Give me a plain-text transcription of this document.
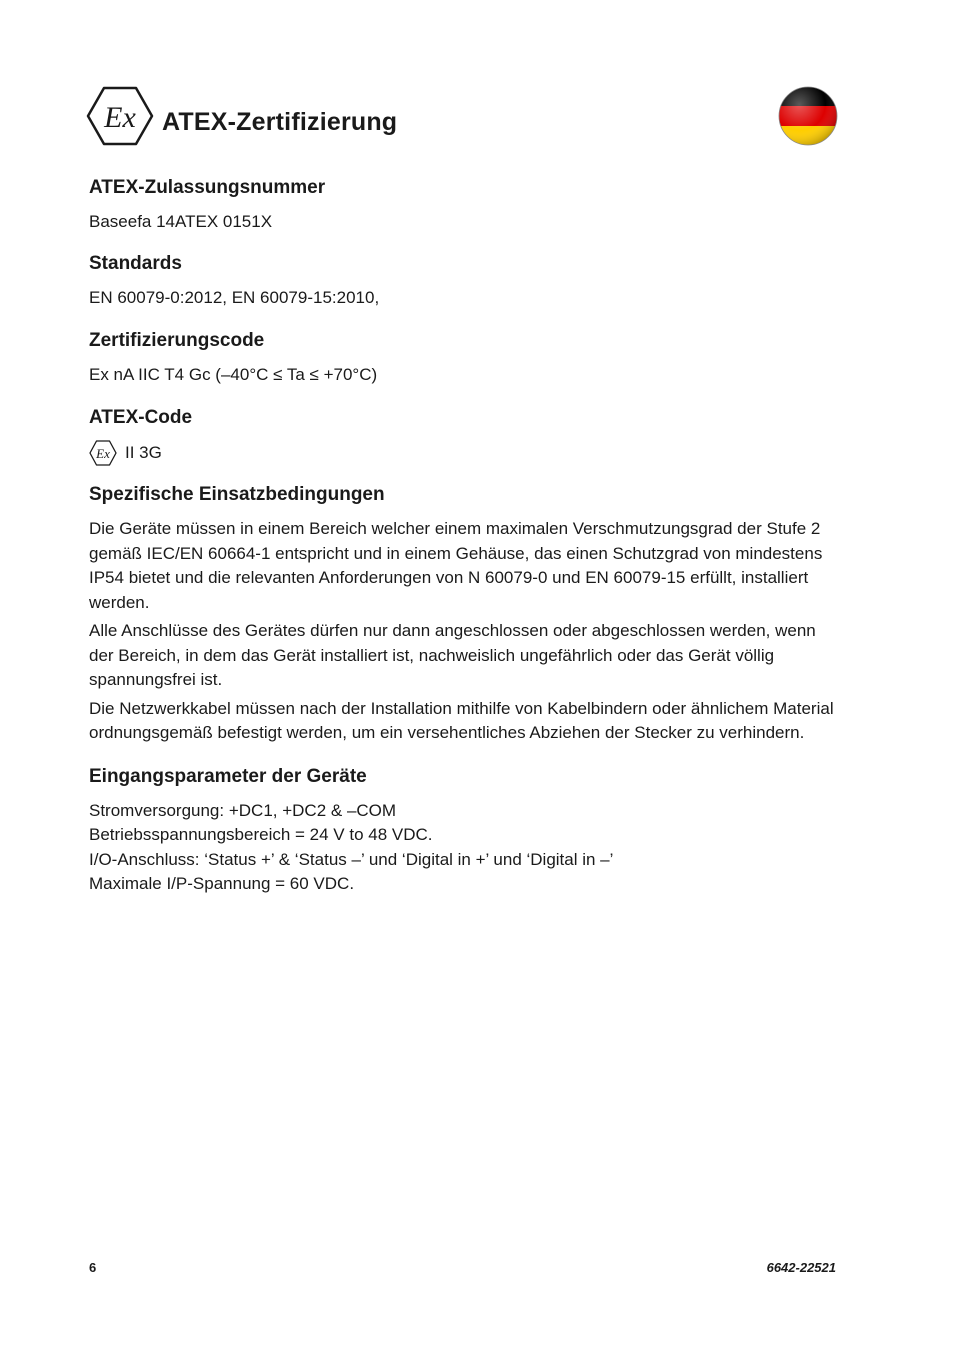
Ex ATEX-Zertifizierung
ATEX-Zulassungsnummer

Baseefa 14ATEX 0151X

Standards

EN 60079-0:2012, EN 60079-15:2010,

Zertifizierungscode

Ex nA IIC T4 Gc (–40°C ≤ Ta ≤ +70°C)

ATEX-Code
Ex II 3G
Spezifische Einsatzbedingungen

Die Geräte müssen in einem Bereich welcher einem maximalen Verschmutzungsgrad der Stufe 2 gemäß IEC/EN 60664-1 entspricht und in einem Gehäuse, das einen Schutzgrad von mindestens IP54 bietet und die relevanten Anforderungen von N 60079-0 und EN 60079-15 erfüllt, installiert werden.

Alle Anschlüsse des Gerätes dürfen nur dann angeschlossen oder abgeschlossen werden, wenn der Bereich, in dem das Gerät installiert ist, nachweislich ungefährlich oder das Gerät völlig spannungsfrei ist.

Die Netzwerkkabel müssen nach der Installation mithilfe von Kabelbindern oder ähnlichem Material ordnungsgemäß befestigt werden, um ein versehentliches Abziehen der Stecker zu verhindern.

Eingangsparameter der Geräte

Stromversorgung: +DC1, +DC2 & –COM

Betriebsspannungsbereich = 24 V to 48 VDC.

I/O-Anschluss: ‘Status +’ & ‘Status –’ und ‘Digital in +’ und ‘Digital in –’

Maximale I/P-Spannung = 60 VDC.

6	6642-22521
